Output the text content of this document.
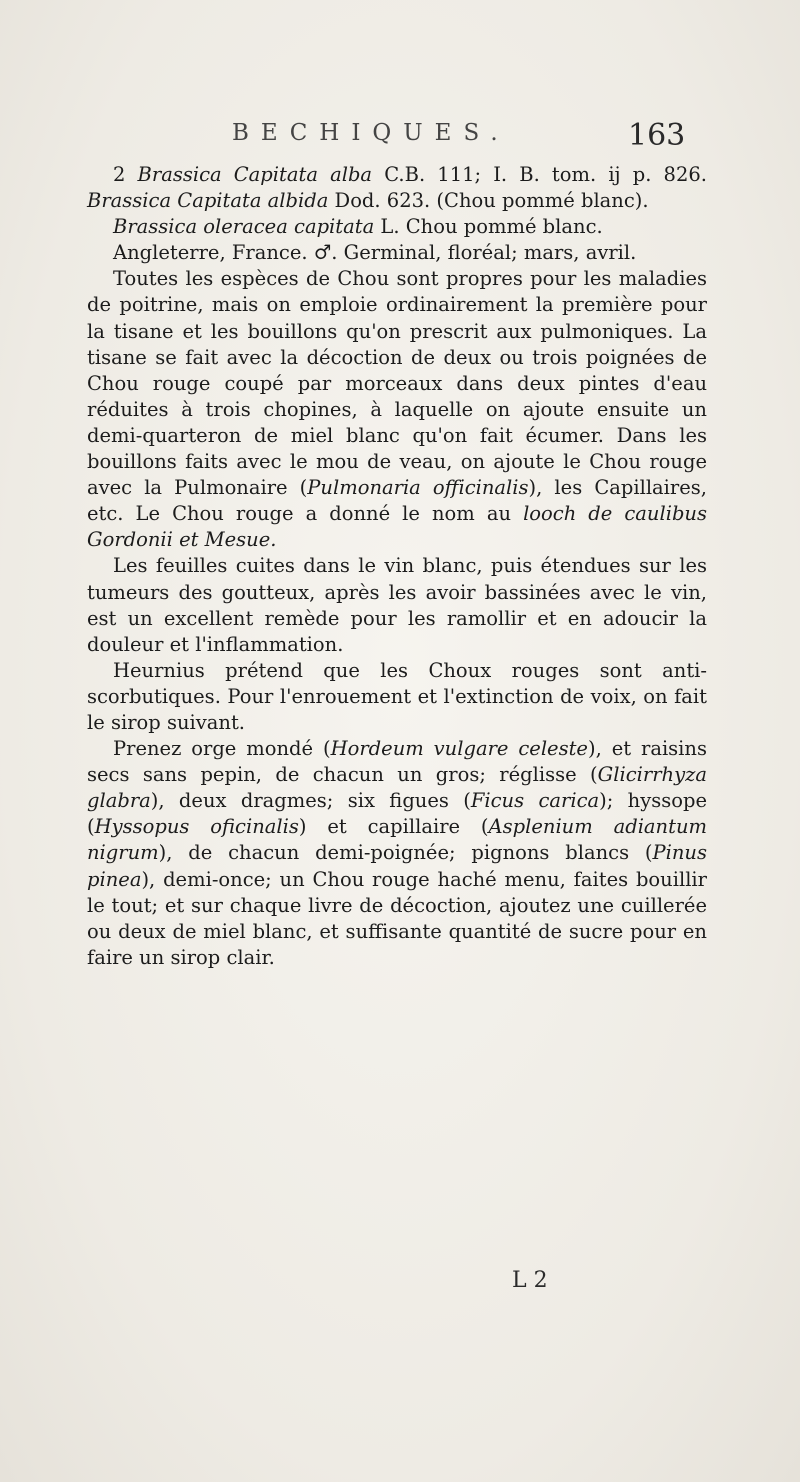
BECHIQUES.	163

2 Brassica Capitata alba C.B. 111; I. B. tom. ij p. 826. Brassica Capitata albida Dod. 623. (Chou pommé blanc).

Brassica oleracea capitata L. Chou pommé blanc.

Angleterre, France. ♂. Germinal, floréal; mars, avril.

Toutes les espèces de Chou sont propres pour les maladies de poitrine, mais on emploie ordinairement la première pour la tisane et les bouillons qu'on prescrit aux pulmoniques. La tisane se fait avec la décoction de deux ou trois poignées de Chou rouge coupé par morceaux dans deux pintes d'eau réduites à trois chopines, à laquelle on ajoute ensuite un demi-quarteron de miel blanc qu'on fait écumer. Dans les bouillons faits avec le mou de veau, on ajoute le Chou rouge avec la Pulmonaire (Pulmonaria officinalis), les Capillaires, etc. Le Chou rouge a donné le nom au looch de caulibus Gordonii et Mesue.

Les feuilles cuites dans le vin blanc, puis étendues sur les tumeurs des goutteux, après les avoir bassinées avec le vin, est un excellent remède pour les ramollir et en adoucir la douleur et l'inflammation.

Heurnius prétend que les Choux rouges sont anti-scorbutiques. Pour l'enrouement et l'extinction de voix, on fait le sirop suivant.

Prenez orge mondé (Hordeum vulgare celeste), et raisins secs sans pepin, de chacun un gros; réglisse (Glicirrhyza glabra), deux dragmes; six figues (Ficus carica); hyssope (Hyssopus oficinalis) et capillaire (Asplenium adiantum nigrum), de chacun demi-poignée; pignons blancs (Pinus pinea), demi-once; un Chou rouge haché menu, faites bouillir le tout; et sur chaque livre de décoction, ajoutez une cuillerée ou deux de miel blanc, et suffisante quantité de sucre pour en faire un sirop clair.

L 2
